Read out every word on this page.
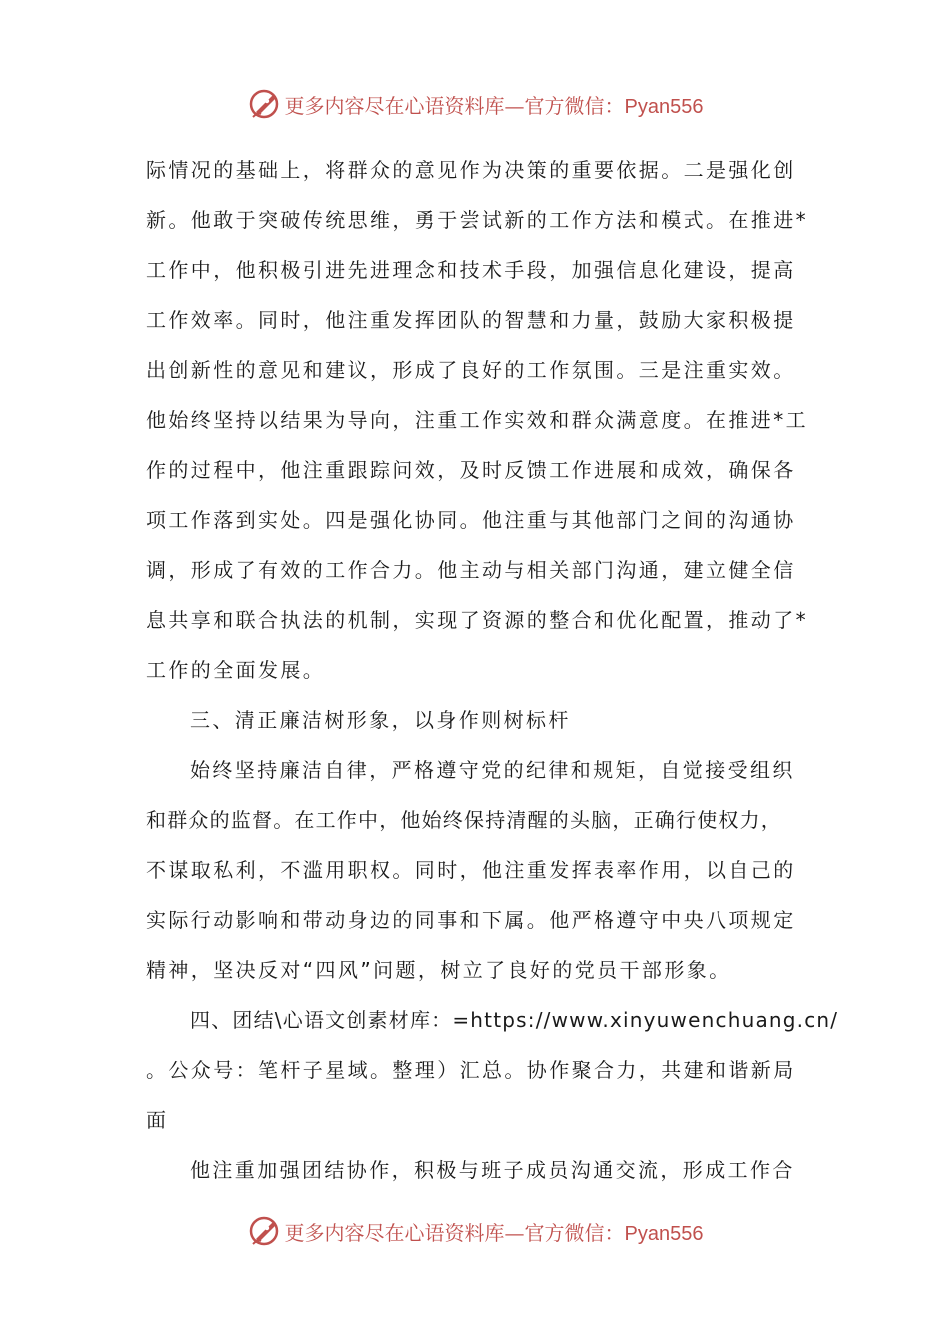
更多内容尽在心语资料库—官方微信：Pyan556
际情况的基础上，将群众的意见作为决策的重要依据。二是强化创
新。他敢于突破传统思维，勇于尝试新的工作方法和模式。在推进*
工作中，他积极引进先进理念和技术手段，加强信息化建设，提高
工作效率。同时，他注重发挥团队的智慧和力量，鼓励大家积极提
出创新性的意见和建议，形成了良好的工作氛围。三是注重实效。
他始终坚持以结果为导向，注重工作实效和群众满意度。在推进*工
作的过程中，他注重跟踪问效，及时反馈工作进展和成效，确保各
项工作落到实处。四是强化协同。他注重与其他部门之间的沟通协
调，形成了有效的工作合力。他主动与相关部门沟通，建立健全信
息共享和联合执法的机制，实现了资源的整合和优化配置，推动了*
工作的全面发展。
三、清正廉洁树形象，以身作则树标杆
始终坚持廉洁自律，严格遵守党的纪律和规矩，自觉接受组织
和群众的监督。在工作中，他始终保持清醒的头脑，正确行使权力，
不谋取私利，不滥用职权。同时，他注重发挥表率作用，以自己的
实际行动影响和带动身边的同事和下属。他严格遵守中央八项规定
精神，坚决反对“四风”问题，树立了良好的党员干部形象。
四、团结\心语文创素材库：=https://www.xinyuwenchuang.cn/
。公众号：笔杆子星域。整理）汇总。协作聚合力，共建和谐新局
面
他注重加强团结协作，积极与班子成员沟通交流，形成工作合
更多内容尽在心语资料库—官方微信：Pyan556
